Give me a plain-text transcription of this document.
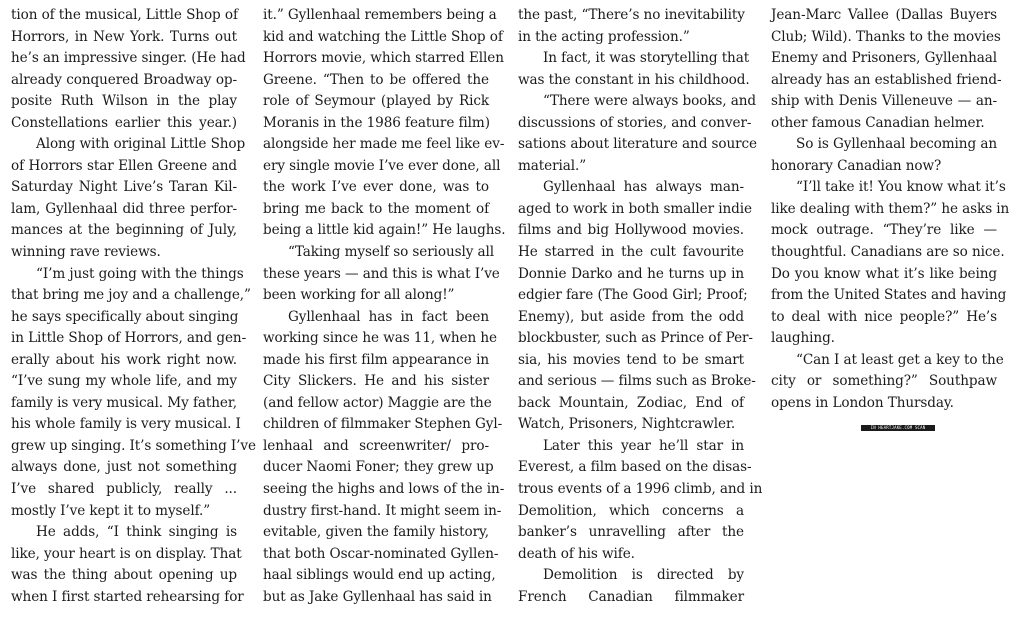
tion of the musical, Little Shop of
Horrors, in New York. Turns out
he’s an impressive singer. (He had
already conquered Broadway op-
posite Ruth Wilson in the play
Constellations earlier this year.)

Along with original Little Shop
of Horrors star Ellen Greene and
Saturday Night Live’s Taran Kil-
lam, Gyllenhaal did three perfor-
mances at the beginning of July,
winning rave reviews.

“I’m just going with the things
that bring me joy and a challenge,”
he says specifically about singing
in Little Shop of Horrors, and gen-
erally about his work right now.
“I’ve sung my whole life, and my
family is very musical. My father,
his whole family is very musical. I
grew up singing. It’s something I’ve
always done, just not something
I’ve shared publicly, really ...
mostly I’ve kept it to myself.”

He adds, “I think singing is
like, your heart is on display. That
was the thing about opening up
when I first started rehearsing for

it.” Gyllenhaal remembers being a
kid and watching the Little Shop of
Horrors movie, which starred Ellen
Greene. “Then to be offered the
role of Seymour (played by Rick
Moranis in the 1986 feature film)
alongside her made me feel like ev-
ery single movie I’ve ever done, all
the work I’ve ever done, was to
bring me back to the moment of
being a little kid again!” He laughs.

“Taking myself so seriously all
these years — and this is what I’ve
been working for all along!”

Gyllenhaal has in fact been
working since he was 11, when he
made his first film appearance in
City Slickers. He and his sister
(and fellow actor) Maggie are the
children of filmmaker Stephen Gyl-
lenhaal and screenwriter/ pro-
ducer Naomi Foner; they grew up
seeing the highs and lows of the in-
dustry first-hand. It might seem in-
evitable, given the family history,
that both Oscar-nominated Gyllen-
haal siblings would end up acting,
but as Jake Gyllenhaal has said in

the past, “There’s no inevitability
in the acting profession.”

In fact, it was storytelling that
was the constant in his childhood.

“There were always books, and
discussions of stories, and conver-
sations about literature and source
material.”

Gyllenhaal has always man-
aged to work in both smaller indie
films and big Hollywood movies.
He starred in the cult favourite
Donnie Darko and he turns up in
edgier fare (The Good Girl; Proof;
Enemy), but aside from the odd
blockbuster, such as Prince of Per-
sia, his movies tend to be smart
and serious — films such as Broke-
back Mountain, Zodiac, End of
Watch, Prisoners, Nightcrawler.

Later this year he’ll star in
Everest, a film based on the disas-
trous events of a 1996 climb, and in
Demolition, which concerns a
banker’s unravelling after the
death of his wife.

Demolition is directed by
French Canadian filmmaker

Jean-Marc Vallee (Dallas Buyers
Club; Wild). Thanks to the movies
Enemy and Prisoners, Gyllenhaal
already has an established friend-
ship with Denis Villeneuve — an-
other famous Canadian helmer.

So is Gyllenhaal becoming an
honorary Canadian now?

“I’ll take it! You know what it’s
like dealing with them?” he asks in
mock outrage. “They’re like —
thoughtful. Canadians are so nice.
Do you know what it’s like being
from the United States and having
to deal with nice people?” He’s
laughing.

“Can I at least get a key to the
city or something?” Southpaw
opens in London Thursday.

IN HEARTJAKE.COM SCAN
